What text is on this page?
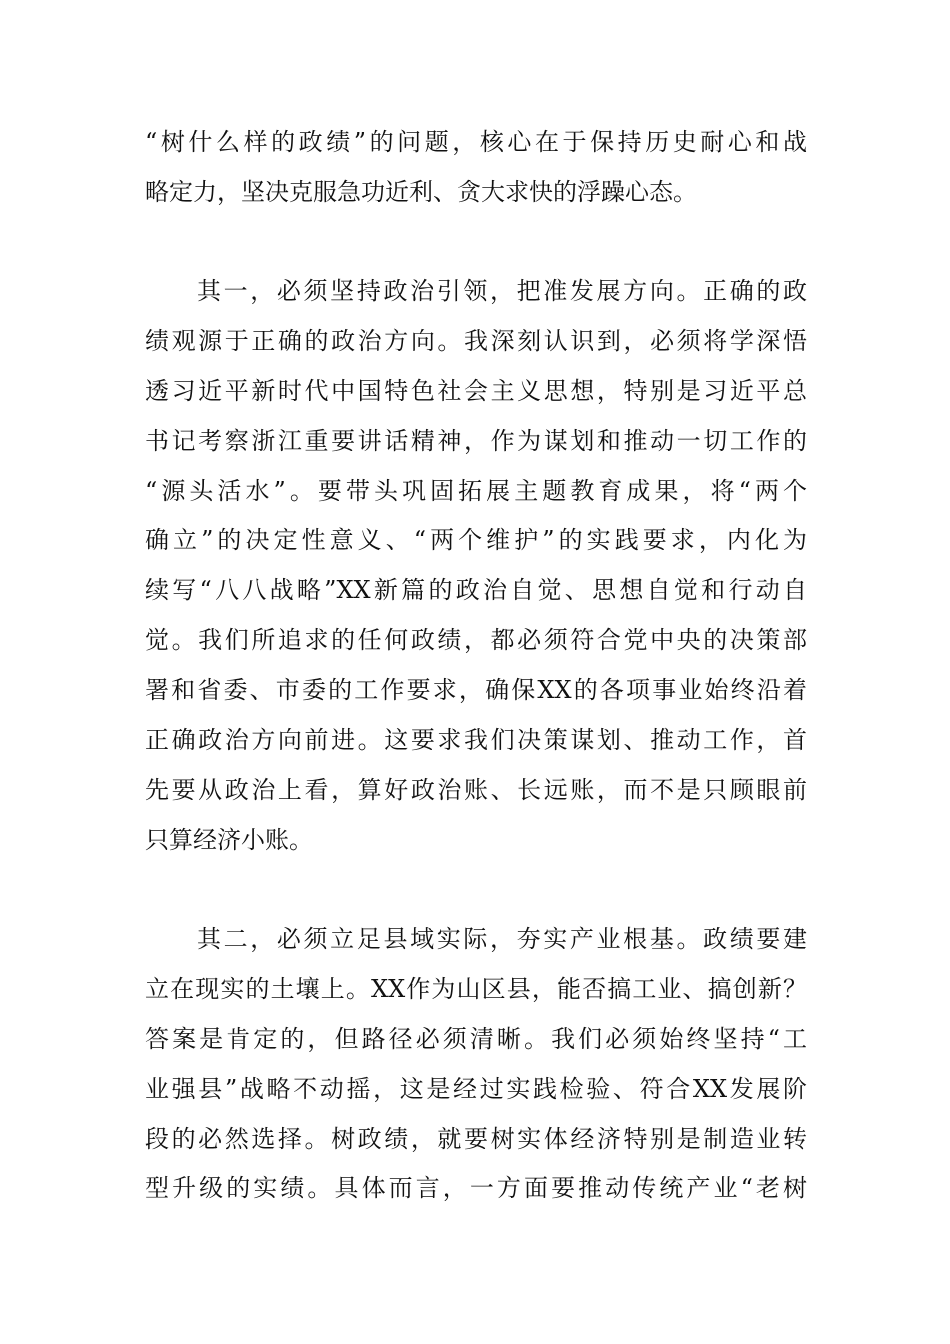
“树什么样的政绩”的问题，核心在于保持历史耐心和战
略定力，坚决克服急功近利、贪大求快的浮躁心态。
其一，必须坚持政治引领，把准发展方向。正确的政
绩观源于正确的政治方向。我深刻认识到，必须将学深悟
透习近平新时代中国特色社会主义思想，特别是习近平总
书记考察浙江重要讲话精神，作为谋划和推动一切工作的
“源头活水”。要带头巩固拓展主题教育成果，将“两个
确立”的决定性意义、“两个维护”的实践要求，内化为
续写“八八战略”XX新篇的政治自觉、思想自觉和行动自
觉。我们所追求的任何政绩，都必须符合党中央的决策部
署和省委、市委的工作要求，确保XX的各项事业始终沿着
正确政治方向前进。这要求我们决策谋划、推动工作，首
先要从政治上看，算好政治账、长远账，而不是只顾眼前
只算经济小账。
其二，必须立足县域实际，夯实产业根基。政绩要建
立在现实的土壤上。XX作为山区县，能否搞工业、搞创新？
答案是肯定的，但路径必须清晰。我们必须始终坚持“工
业强县”战略不动摇，这是经过实践检验、符合XX发展阶
段的必然选择。树政绩，就要树实体经济特别是制造业转
型升级的实绩。具体而言，一方面要推动传统产业“老树
